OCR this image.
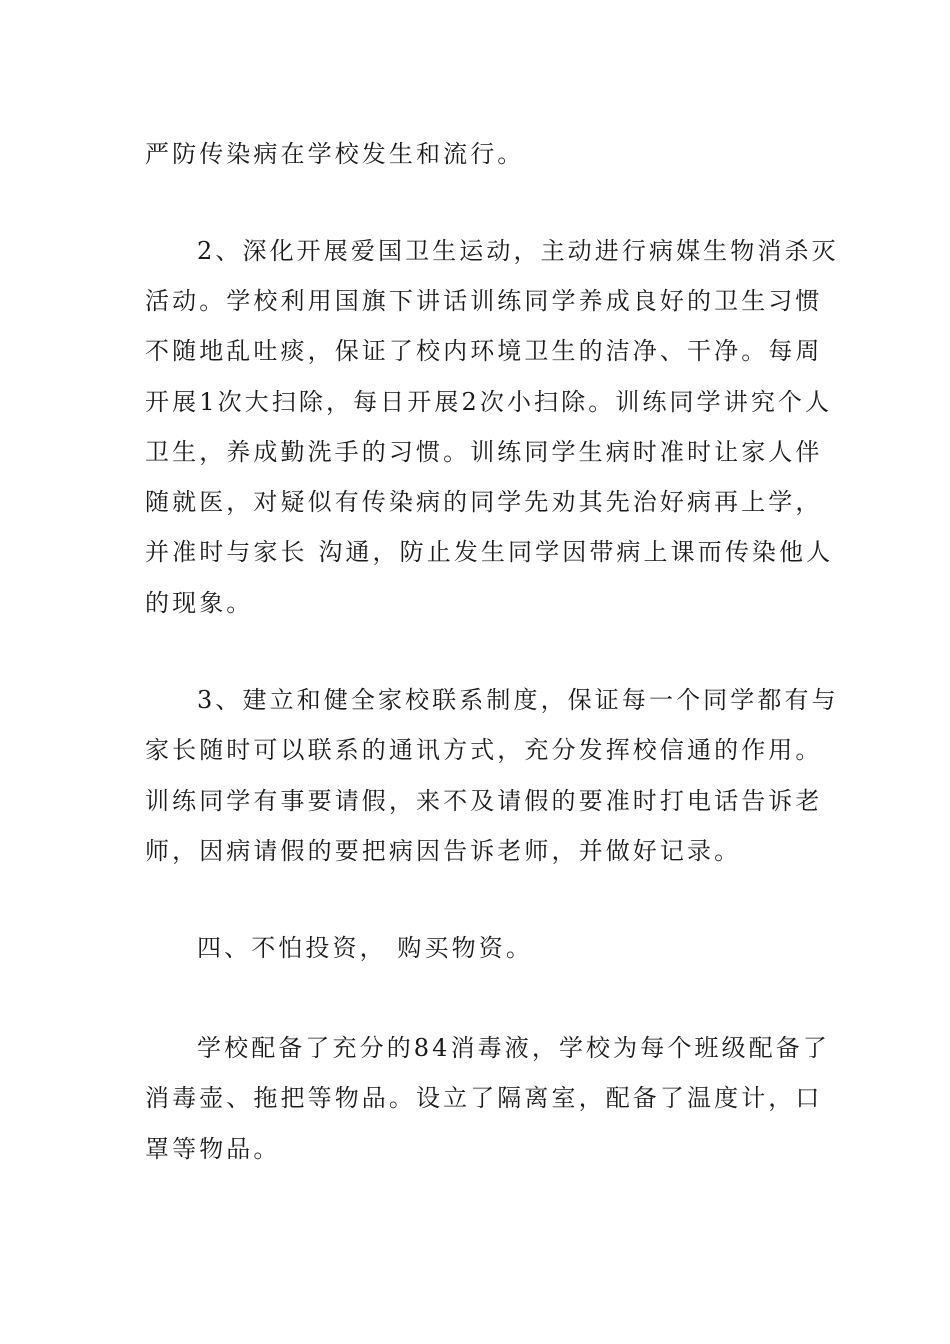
严防传染病在学校发生和流行。

2、深化开展爱国卫生运动，主动进行病媒生物消杀灭

活动。学校利用国旗下讲话训练同学养成良好的卫生习惯

不随地乱吐痰，保证了校内环境卫生的洁净、干净。每周

开展1次大扫除，每日开展2次小扫除。训练同学讲究个人

卫生，养成勤洗手的习惯。训练同学生病时准时让家人伴

随就医，对疑似有传染病的同学先劝其先治好病再上学，

并准时与家长 沟通，防止发生同学因带病上课而传染他人

的现象。

3、建立和健全家校联系制度，保证每一个同学都有与

家长随时可以联系的通讯方式，充分发挥校信通的作用。

训练同学有事要请假，来不及请假的要准时打电话告诉老

师，因病请假的要把病因告诉老师，并做好记录。

四、不怕投资， 购买物资。

学校配备了充分的84消毒液，学校为每个班级配备了

消毒壶、拖把等物品。设立了隔离室，配备了温度计，口

罩等物品。
